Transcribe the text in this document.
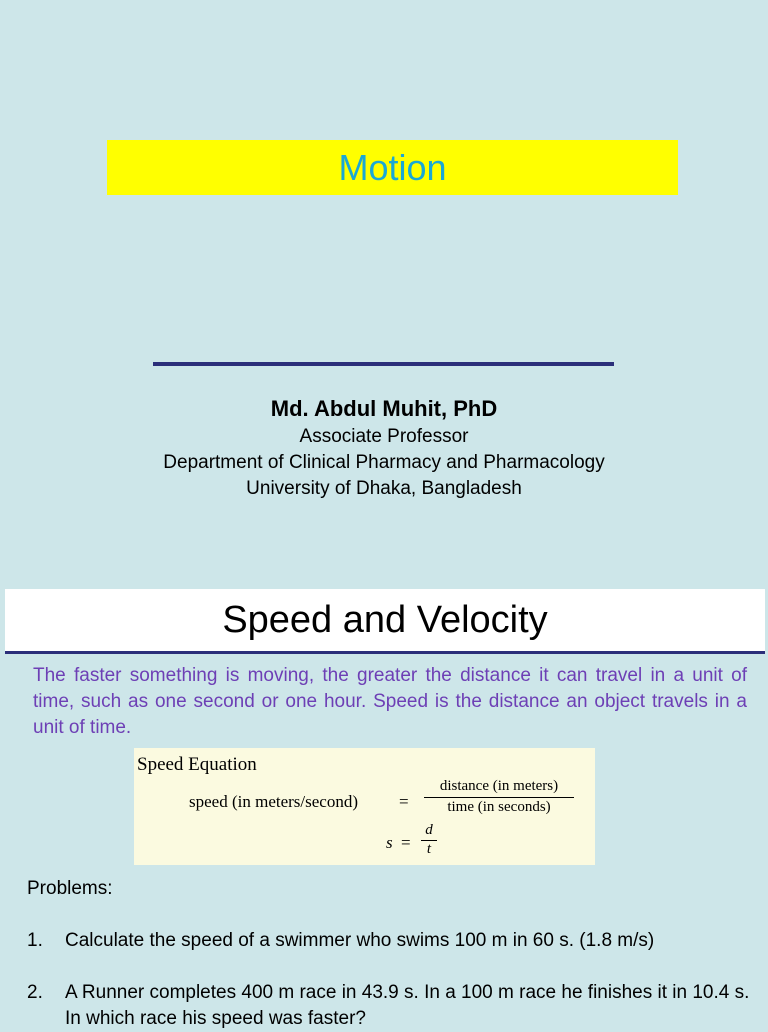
Motion
Md. Abdul Muhit, PhD
Associate Professor
Department of Clinical Pharmacy and Pharmacology
University of Dhaka, Bangladesh
Speed and Velocity
The faster something is moving, the greater the distance it can travel in a unit of time, such as one second or one hour. Speed is the distance an object travels in a unit of time.
Speed Equation
speed (in meters/second) =
distance (in meters)
time (in seconds)
$s = \frac{d}{t}$
Problems:
1. Calculate the speed of a swimmer who swims 100 m in 60 s. (1.8 m/s)
2. A Runner completes 400 m race in 43.9 s. In a 100 m race he finishes it in 10.4 s. In which race his speed was faster?
